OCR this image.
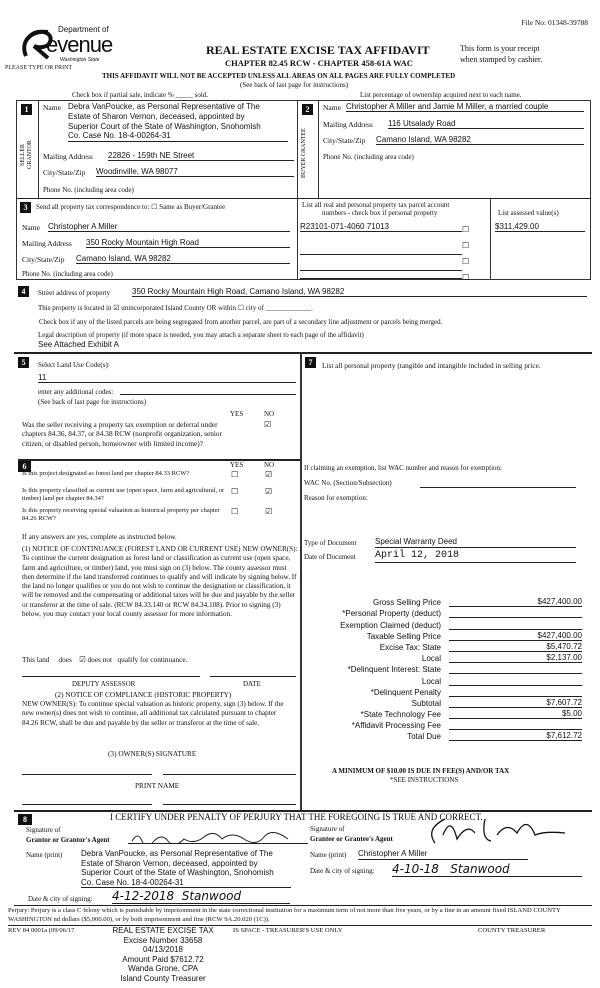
File No: 01348-39788
Department of
evenue
Washington State
PLEASE TYPE OR PRINT
REAL ESTATE EXCISE TAX AFFIDAVIT
CHAPTER 82.45 RCW - CHAPTER 458-61A WAC
This form is your receipt
when stamped by cashier.
THIS AFFIDAVIT WILL NOT BE ACCEPTED UNLESS ALL AREAS ON ALL PAGES ARE FULLY COMPLETED
(See back of last page for instructions)
Check box if partial sale, indicate % _____ sold.	List percentage of ownership acquired next to each name.
1
SELLER GRANTOR
Name Debra VanPoucke, as Personal Representative of The
Estate of Sharon Vernon, deceased, appointed by
Superior Court of the State of Washington, Snohomish
Co. Case No. 18-4-00264-31
Mailing Address 22826 - 159th NE Street
City/State/Zip Woodinville, WA 98077
Phone No. (including area code)
2
BUYER GRANTEE
Name Christopher A Miller and Jamie M Miller, a married couple
Mailing Address 116 Utsalady Road
City/State/Zip Camano Island, WA 98282
Phone No. (including area code)
3	Send all property tax correspondence to: ☐ Same as Buyer/Grantee
Name Christopher A Miller
Mailing Address 350 Rocky Mountain High Road
City/State/Zip Camano Island, WA 98282
Phone No. (including area code)
List all real and personal property tax parcel account
numbers - check box if personal property	List assessed value(s)
R23101-071-4060 71013	☐
☐
☐
☐
$311,429.00
4	Street address of property	350 Rocky Mountain High Road, Camano Island, WA 98282
This property is located in ☑ unincorporated Island County OR within ☐ city of _____________.
Check box if any of the listed parcels are being segregated from another parcel, are part of a secondary line adjustment or parcels being merged.
Legal description of property (if more space is needed, you may attach a separate sheet to each page of the affidavit)
See Attached Exhibit A
5	Select Land Use Code(s):
11
enter any additional codes:
(See back of last page for instructions)
YES	NO
Was the seller receiving a property tax exemption or deferral under chapters 84.36, 84.37, or 84.38 RCW (nonprofit organization, senior citizen, or disabled person, homeowner with limited income)?
☑
6	YES	NO
Is this project designated as forest land per chapter 84.33 RCW?
Is this property classified as current use (open space, farm and agricultural, or timber) land per chapter 84.34?
Is this property receiving special valuation as historical property per chapter 84.26 RCW?
☐	☑
☐	☑
☐	☑
If any answers are yes, complete as instructed below.
(1) NOTICE OF CONTINUANCE (FOREST LAND OR CURRENT USE) NEW OWNER(S): To continue the current designation as forest land or classification as current use (open space, farm and agriculture, or timber) land, you must sign on (3) below. The county assessor must then determine if the land transferred continues to qualify and will indicate by signing below. If the land no longer qualifies or you do not wish to continue the designation or classification, it will be removed and the compensating or additional taxes will be due and payable by the seller or transferor at the time of sale. (RCW 84.33.140 or RCW 84.34.108). Prior to signing (3) below, you may contact your local county assessor for more information.
This land     does    ☑ does not   qualify for continuance.
DEPUTY ASSESSOR	DATE
(2) NOTICE OF COMPLIANCE (HISTORIC PROPERTY)
NEW OWNER(S): To continue special valuation as historic property, sign (3) below. If the new owner(s) does not wish to continue, all additional tax calculated pursuant to chapter 84.26 RCW, shall be due and payable by the seller or transferor at the time of sale.
(3) OWNER(S) SIGNATURE
PRINT NAME
7	List all personal property (tangible and intangible included in selling price.
If claiming an exemption, list WAC number and reason for exemption:
WAC No. (Section/Subsection)
Reason for exemption:
Type of Document Special Warranty Deed
Date of Document April 12, 2018
Gross Selling Price	$427,400.00
*Personal Property (deduct)
Exemption Claimed (deduct)
Taxable Selling Price	$427,400.00
Excise Tax: State	$5,470.72
Local	$2,137.00
*Delinquent Interest: State
Local
*Delinquent Penalty
Subtotal	$7,607.72
*State Technology Fee	$5.00
*Affidavit Processing Fee
Total Due	$7,612.72
A MINIMUM OF $10.00 IS DUE IN FEE(S) AND/OR TAX
*SEE INSTRUCTIONS
8	I CERTIFY UNDER PENALTY OF PERJURY THAT THE FOREGOING IS TRUE AND CORRECT.
Signature of
Grantor or Grantor's Agent
Signature of
Grantee or Grantee's Agent
Name (print) Debra VanPoucke, as Personal Representative of The
Estate of Sharon Vernon, deceased, appointed by
Superior Court of the State of Washington, Snohomish
Co. Case No. 18-4-00264-31
Name (print) Christopher A Miller
Date & city of signing: 4-10-18   Stanwood
Date & city of signing: 4-12-2018  Stanwood
Perjury: Perjury is a class C felony which is punishable by imprisonment in the state correctional institution for a maximum term of not more than five years, or by a fine in an amount fixed ISLAND COUNTY WASHINGTON nd dollars ($5,000.00), or by both imprisonment and fine (RCW 9A.20.020 (1C)).
REV 84 0001a (09/06/17	IS SPACE - TREASURER'S USE ONLY	COUNTY TREASURER
REAL ESTATE EXCISE TAX
Excise Number 33658
04/13/2018
Amount Paid $7612.72
Wanda Grone, CPA
Island County Treasurer
